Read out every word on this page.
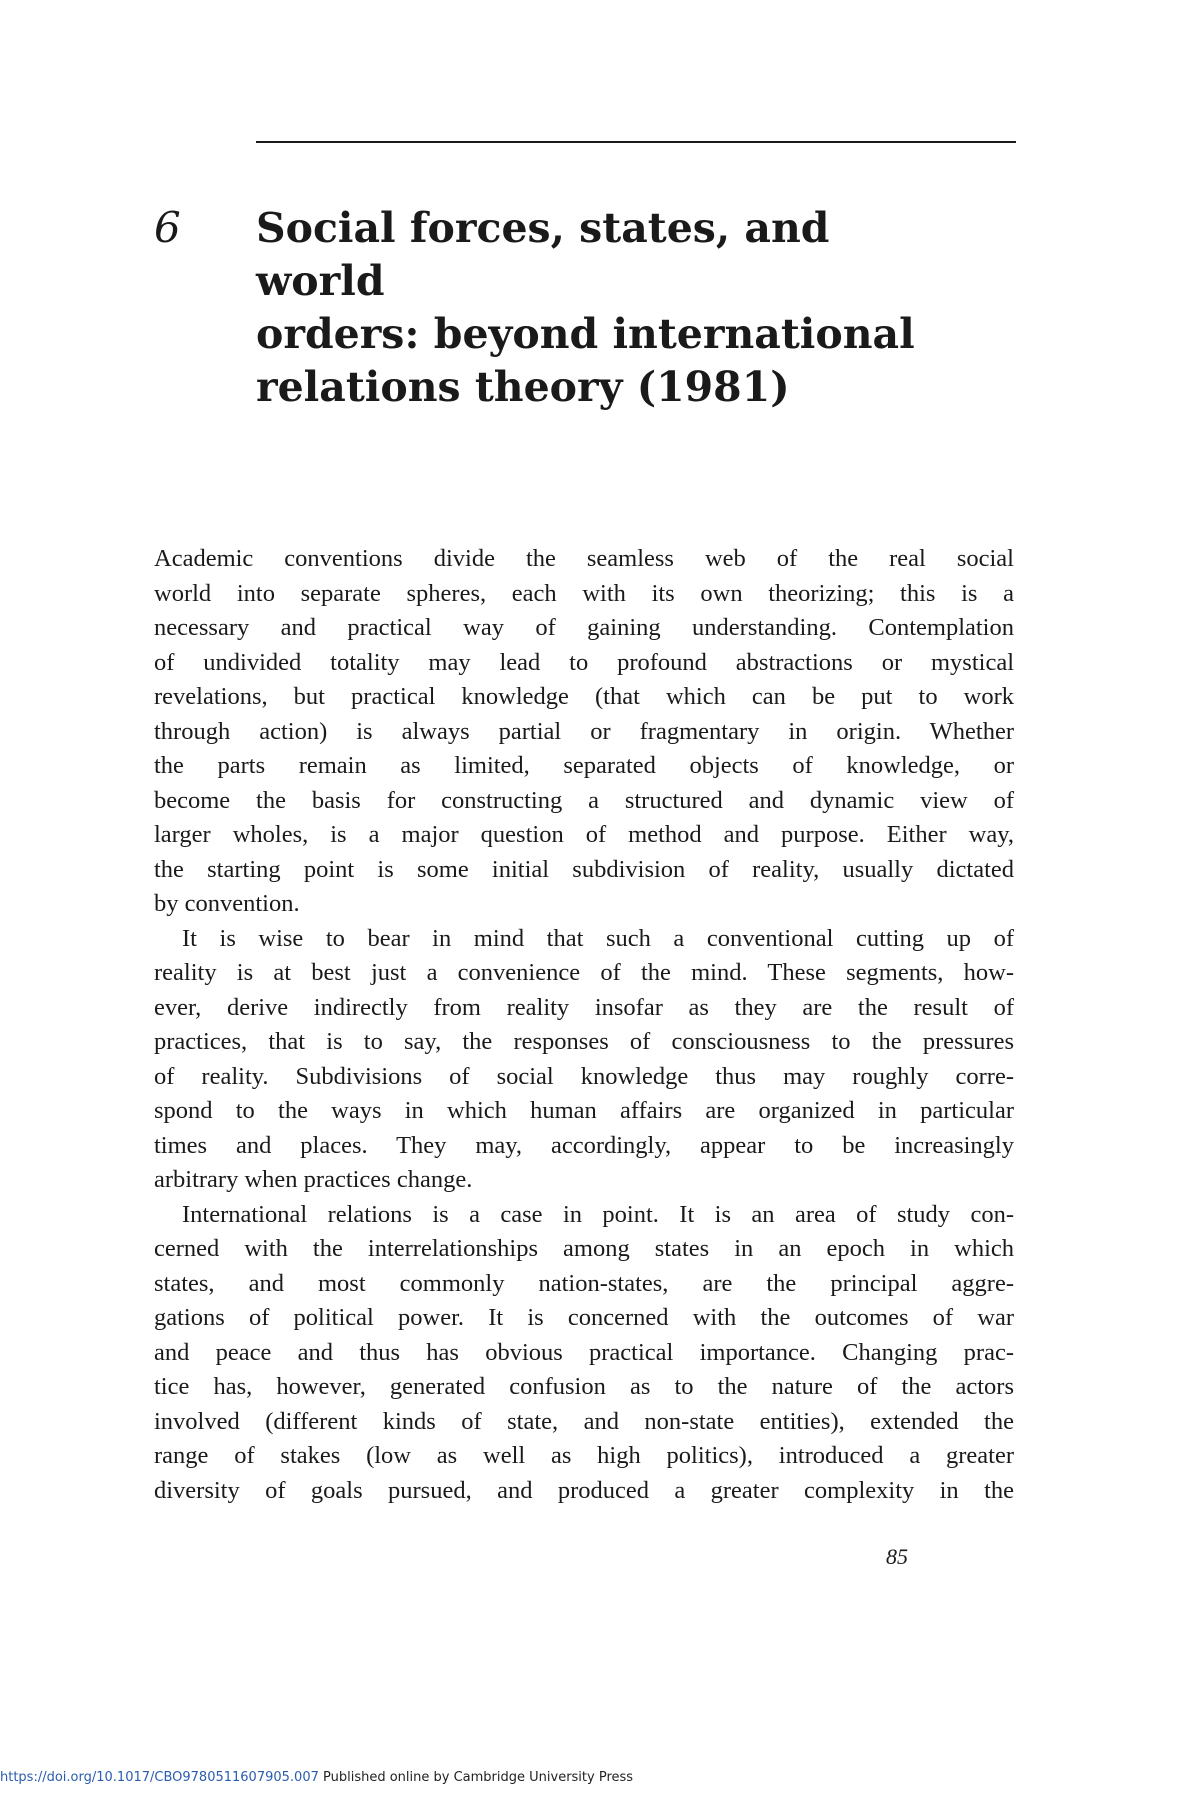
6 Social forces, states, and world
orders: beyond international
relations theory (1981)
Academic conventions divide the seamless web of the real social
world into separate spheres, each with its own theorizing; this is a
necessary and practical way of gaining understanding. Contemplation
of undivided totality may lead to profound abstractions or mystical
revelations, but practical knowledge (that which can be put to work
through action) is always partial or fragmentary in origin. Whether
the parts remain as limited, separated objects of knowledge, or
become the basis for constructing a structured and dynamic view of
larger wholes, is a major question of method and purpose. Either way,
the starting point is some initial subdivision of reality, usually dictated
by convention.
It is wise to bear in mind that such a conventional cutting up of
reality is at best just a convenience of the mind. These segments, how-
ever, derive indirectly from reality insofar as they are the result of
practices, that is to say, the responses of consciousness to the pressures
of reality. Subdivisions of social knowledge thus may roughly corre-
spond to the ways in which human affairs are organized in particular
times and places. They may, accordingly, appear to be increasingly
arbitrary when practices change.
International relations is a case in point. It is an area of study con-
cerned with the interrelationships among states in an epoch in which
states, and most commonly nation-states, are the principal aggre-
gations of political power. It is concerned with the outcomes of war
and peace and thus has obvious practical importance. Changing prac-
tice has, however, generated confusion as to the nature of the actors
involved (different kinds of state, and non-state entities), extended the
range of stakes (low as well as high politics), introduced a greater
diversity of goals pursued, and produced a greater complexity in the
85
https://doi.org/10.1017/CBO9780511607905.007 Published online by Cambridge University Press
